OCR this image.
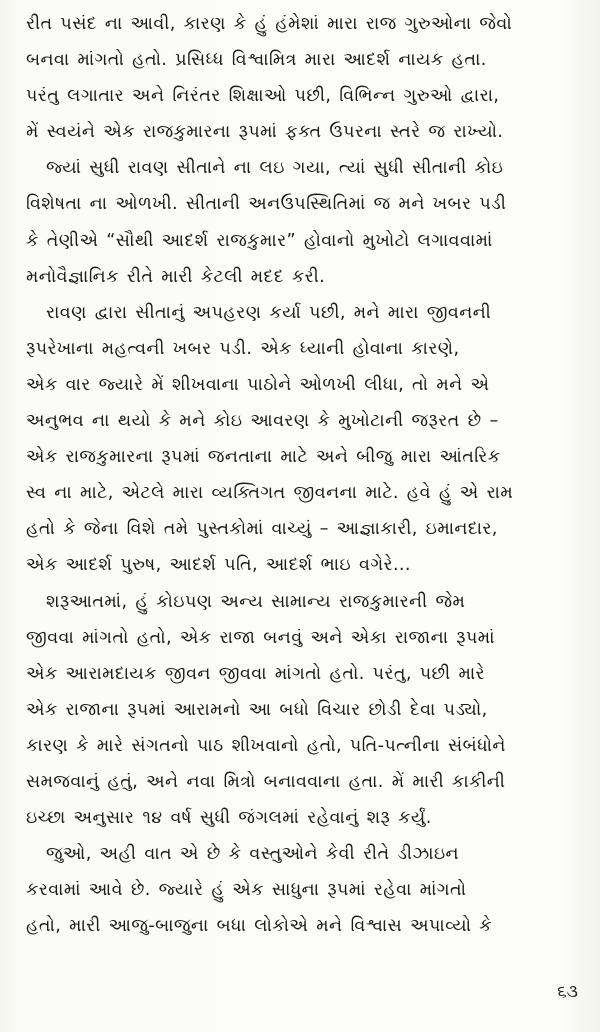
રીત પસંદ ના આવી, કારણ કે હું હંમેશાં મારા રાજ ગુરુઓના જેવો
બનવા માંગતો હતો. પ્રસિધ્ધ વિશ્વામિત્ર મારા આદર્શ નાયક હતા.
પરંતુ લગાતાર અને નિરંતર શિક્ષાઓ પછી, વિભિન્ન ગુરુઓ દ્વારા,
મેં સ્વયંને એક રાજકુમારના રૂપમાં ફક્ત ઉપરના સ્તરે જ રાખ્યો.
જ્યાં સુધી રાવણ સીતાને ના લઇ ગયા, ત્યાં સુધી સીતાની કોઇ
વિશેષતા ના ઓળખી. સીતાની અનઉપસ્થિતિમાં જ મને ખબર પડી
કે તેણીએ “સૌથી આદર્શ રાજકુમાર” હોવાનો મુખોટો લગાવવામાં
મનોવૈજ્ઞાનિક રીતે મારી કેટલી મદદ કરી.
રાવણ દ્વારા સીતાનું અપહરણ કર્યા પછી, મને મારા જીવનની
રૂપરેખાના મહત્વની ખબર પડી. એક ધ્યાની હોવાના કારણે,
એક વાર જ્યારે મેં શીખવાના પાઠોને ઓળખી લીધા, તો મને એ
અનુભવ ના થયો કે મને કોઇ આવરણ કે મુખોટાની જરૂરત છે –
એક રાજકુમારના રૂપમાં જનતાના માટે અને બીજુ મારા આંતરિક
સ્વ ના માટે, એટલે મારા વ્યક્તિગત જીવનના માટે. હવે હું એ રામ
હતો કે જેના વિશે તમે પુસ્તકોમાં વાચ્યું – આજ્ઞાકારી, ઇમાનદાર,
એક આદર્શ પુરુષ, આદર્શ પતિ, આદર્શ ભાઇ વગેરે...
શરૂઆતમાં, હું કોઇપણ અન્ય સામાન્ય રાજકુમારની જેમ
જીવવા માંગતો હતો, એક રાજા બનવું અને એકા રાજાના રૂપમાં
એક આરામદાયક જીવન જીવવા માંગતો હતો. પરંતુ, પછી મારે
એક રાજાના રૂપમાં આરામનો આ બધો વિચાર છોડી દેવા પડ્યો,
કારણ કે મારે સંગતનો પાઠ શીખવાનો હતો, પતિ-પત્નીના સંબંધોને
સમજવાનું હતું, અને નવા મિત્રો બનાવવાના હતા. મેં મારી કાકીની
ઇચ્છા અનુસાર ૧૪ વર્ષ સુધી જંગલમાં રહેવાનું શરૂ કર્યું.
જુઓ, અહી વાત એ છે કે વસ્તુઓને કેવી રીતે ડીઝાઇન
કરવામાં આવે છે. જ્યારે હું એક સાધુના રૂપમાં રહેવા માંગતો
હતો, મારી આજુ-બાજુના બધા લોકોએ મને વિશ્વાસ અપાવ્યો કે
૬૩
